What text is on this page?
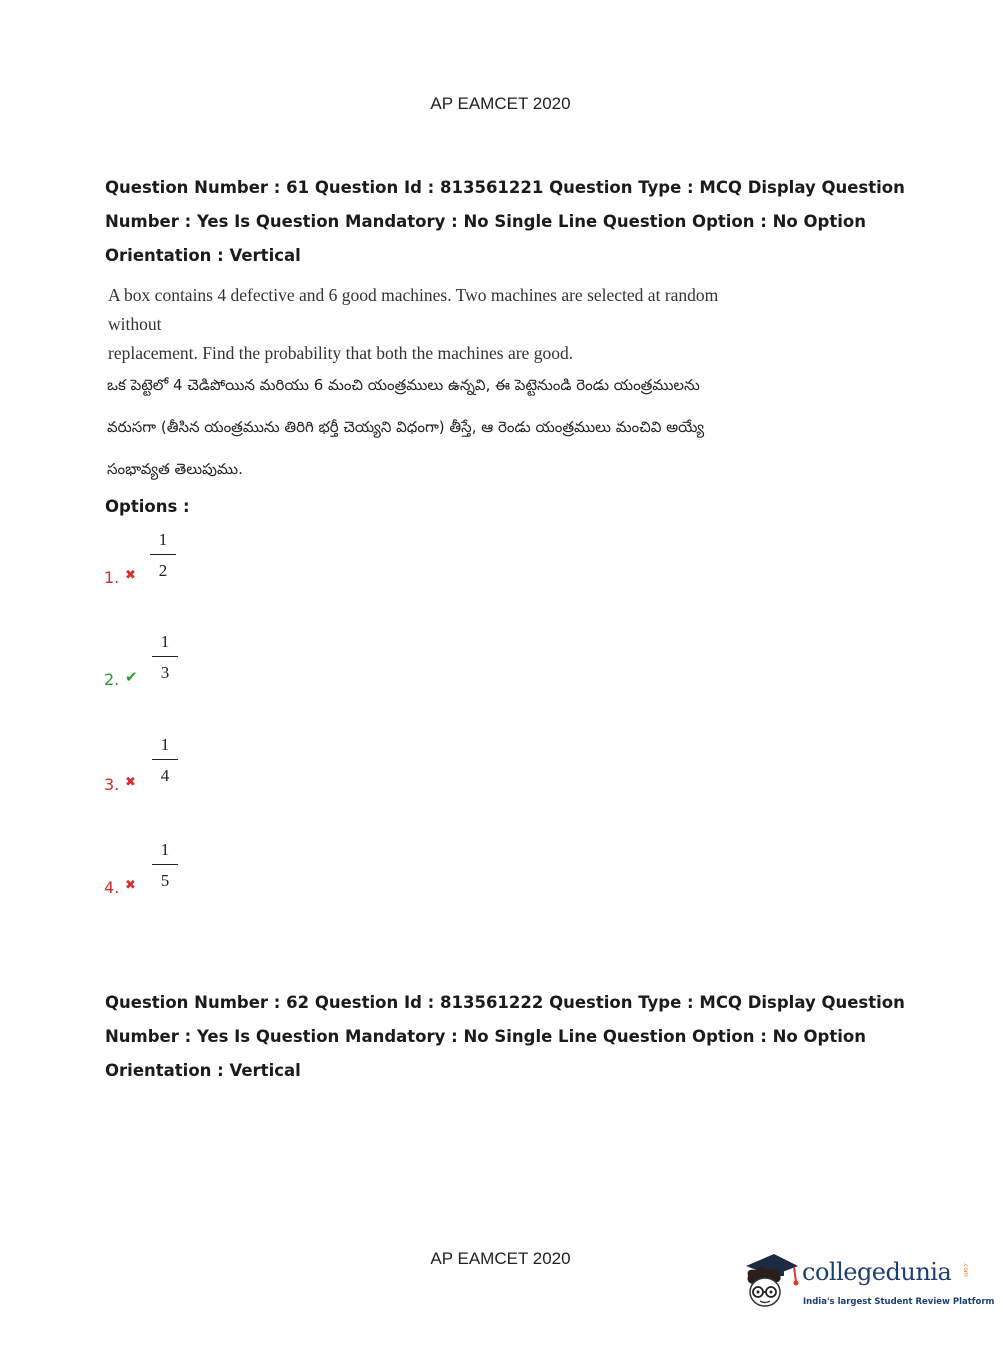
AP EAMCET 2020
Question Number : 61 Question Id : 813561221 Question Type : MCQ Display Question
Number : Yes Is Question Mandatory : No Single Line Question Option : No Option
Orientation : Vertical
A box contains 4 defective and 6 good machines. Two machines are selected at random without
replacement. Find the probability that both the machines are good.
ఒక పెట్టెలో 4 చెడిపోయిన మరియు 6 మంచి యంత్రములు ఉన్నవి, ఈ పెట్టెనుండి రెండు యంత్రములను
వరుసగా (తీసిన యంత్రమును తిరిగి భర్తీ చెయ్యని విధంగా) తీస్తే, ఆ రెండు యంత్రములు మంచివి అయ్యే
సంభావ్యత తెలుపుము.
Options :
1. ✖
1
2
2. ✔
1
3
3. ✖
1
4
4. ✖
1
5
Question Number : 62 Question Id : 813561222 Question Type : MCQ Display Question
Number : Yes Is Question Mandatory : No Single Line Question Option : No Option
Orientation : Vertical
AP EAMCET 2020	collegedunia .com
India's largest Student Review Platform
